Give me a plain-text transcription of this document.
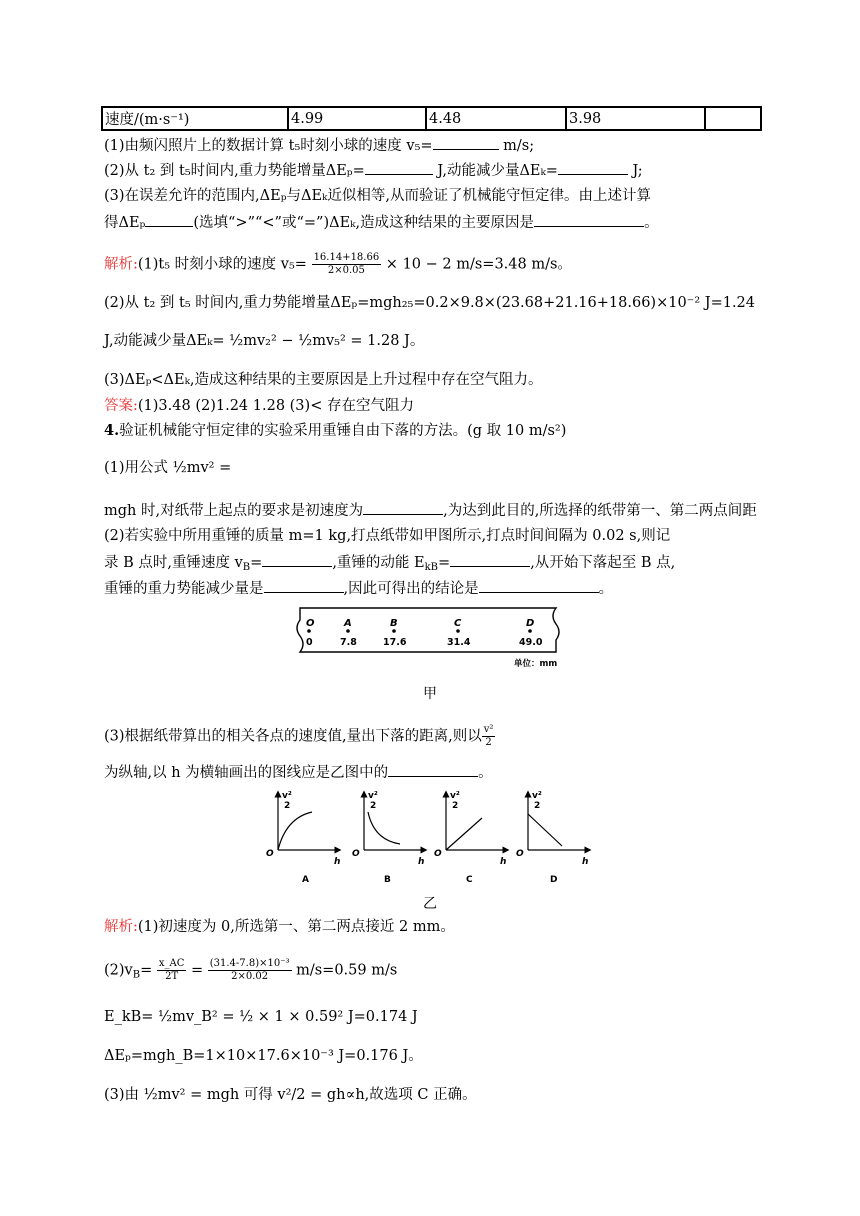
速度/(m·s⁻¹)	4.99	4.48	3.98	
(1)由频闪照片上的数据计算 t₅时刻小球的速度 v₅=	m/s;
(2)从 t₂ 到 t₅时间内,重力势能增量ΔEₚ=	J,动能减少量ΔEₖ=	J;
(3)在误差允许的范围内,ΔEₚ与ΔEₖ近似相等,从而验证了机械能守恒定律。由上述计算
得ΔEₚ	(选填“>”“<”或“=”)ΔEₖ,造成这种结果的主要原因是	。
解析:(1)t₅ 时刻小球的速度 $v_5= \frac{16.14+18.66}{2\times 0.05} \times 10 - 2$ m/s=3.48 m/s。
(2)从 t₂ 到 t₅ 时间内,重力势能增量ΔEₚ=mgh₂₅=0.2×9.8×(23.68+21.16+18.66)×10⁻² J=1.24
J,动能减少量ΔEₖ= ½mv₂² − ½mv₅² = 1.28 J。
(3)ΔEₚ<ΔEₖ,造成这种结果的主要原因是上升过程中存在空气阻力。
答案:(1)3.48 (2)1.24 1.28 (3)< 存在空气阻力
4.验证机械能守恒定律的实验采用重锤自由下落的方法。(g 取 10 m/s²)
(1)用公式 ½mv² =
mgh 时,对纸带上起点的要求是初速度为	,为达到此目的,所选择的纸带第一、第二两点间距
(2)若实验中所用重锤的质量 m=1 kg,打点纸带如甲图所示,打点时间间隔为 0.02 s,则记
录 B 点时,重锤速度 $v_B=$	,重锤的动能 $E_{kB}=$	,从开始下落起至 B 点,
重锤的重力势能减少量是	,因此可得出的结论是	。
O	A	B	C	D
0	7.8	17.6	31.4	49.0
单位：mm
甲
(3)根据纸带算出的相关各点的速度值,量出下落的距离,则以 $\frac{\text{v²}}{2}$
为纵轴,以 h 为横轴画出的图线应是乙图中的	。
v²
2
O
h
A
v²
2
O
h
B
v²
2
O
h
C
v²
2
O
h
D
乙
解析:(1)初速度为 0,所选第一、第二两点接近 2 mm。
$(2)v_B= \frac{x\_AC}{2T} = \frac{\text{(31.4-7.8)×10⁻³}}{2\times 0.02} m/s=0.59$ m/s
E_kB= ½mv_B² = ½ × 1 × 0.59² J=0.174 J
ΔEₚ=mgh_B=1×10×17.6×10⁻³ J=0.176 J。
(3)由 ½mv² = mgh 可得 v²/2 = gh∝h,故选项 C 正确。
